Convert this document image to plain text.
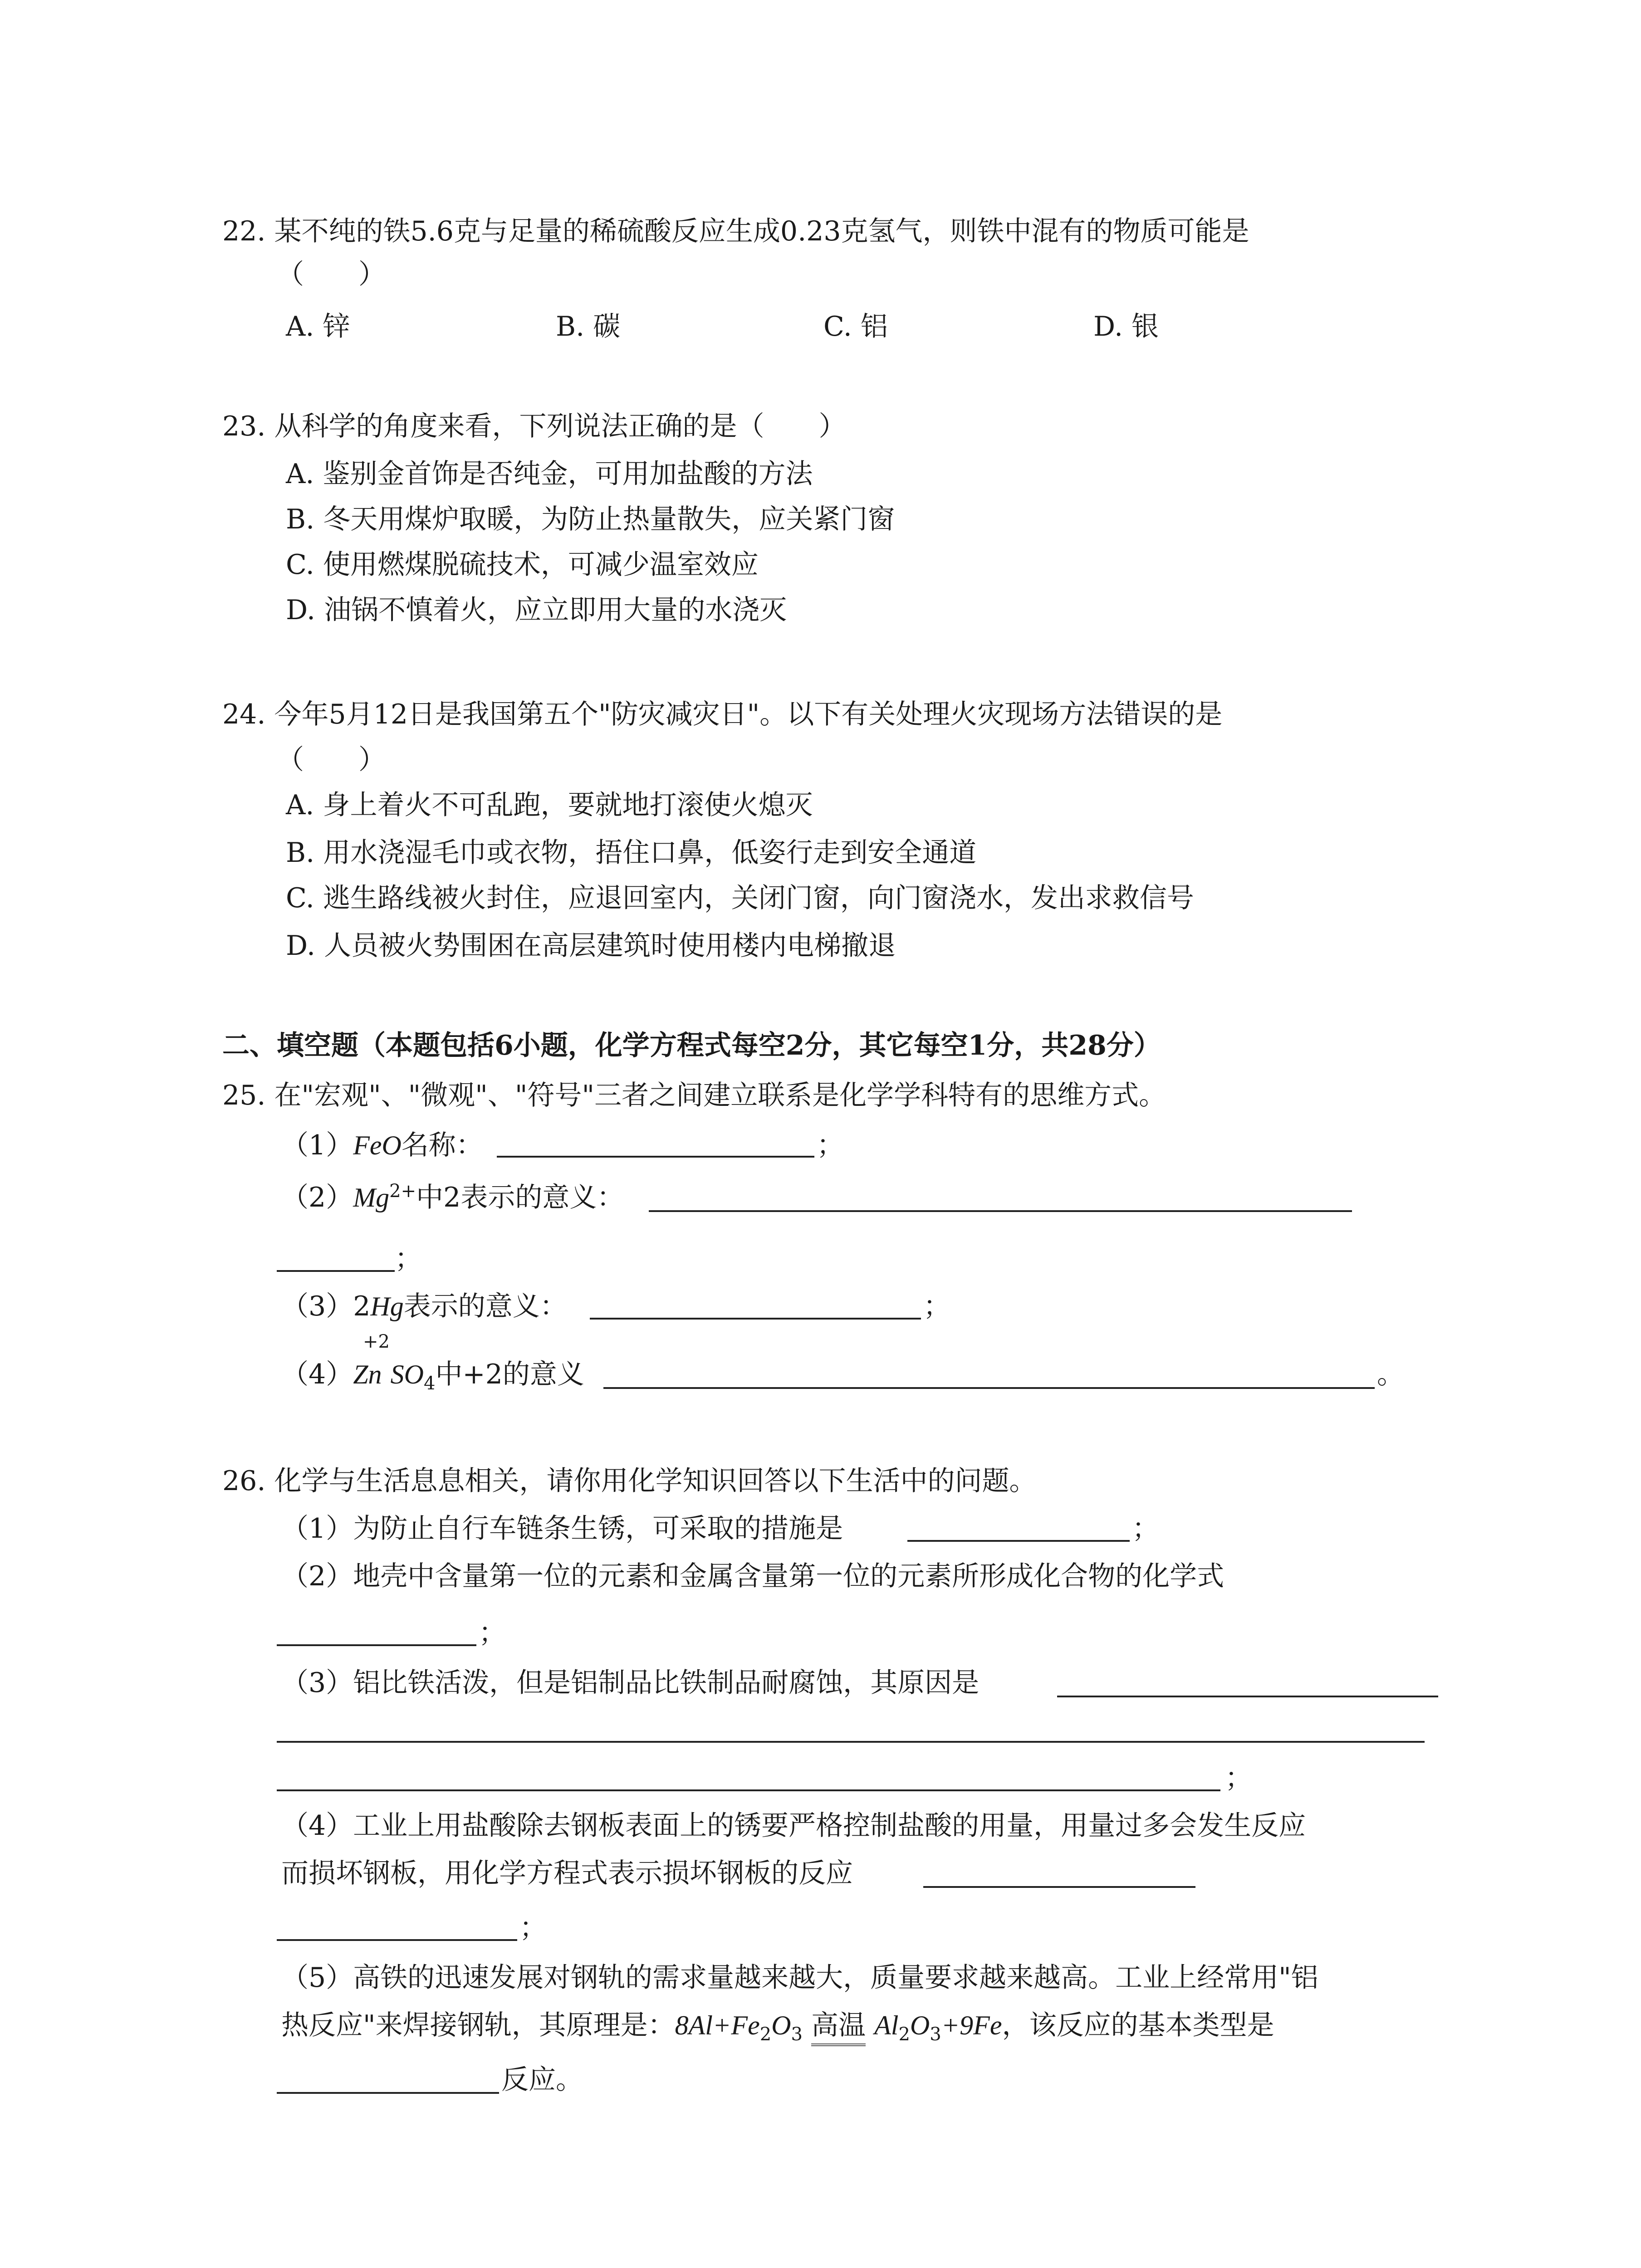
22. 某不纯的铁5.6克与足量的稀硫酸反应生成0.23克氢气，则铁中混有的物质可能是
（　　）
A. 锌	B. 碳	C. 铝	D. 银
23. 从科学的角度来看，下列说法正确的是（　　）
A. 鉴别金首饰是否纯金，可用加盐酸的方法
B. 冬天用煤炉取暖，为防止热量散失，应关紧门窗
C. 使用燃煤脱硫技术，可减少温室效应
D. 油锅不慎着火，应立即用大量的水浇灭
24. 今年5月12日是我国第五个"防灾减灾日"。以下有关处理火灾现场方法错误的是
（　　）
A. 身上着火不可乱跑，要就地打滚使火熄灭
B. 用水浇湿毛巾或衣物，捂住口鼻，低姿行走到安全通道
C. 逃生路线被火封住，应退回室内，关闭门窗，向门窗浇水，发出求救信号
D. 人员被火势围困在高层建筑时使用楼内电梯撤退
二、填空题（本题包括6小题，化学方程式每空2分，其它每空1分，共28分）
25. 在"宏观"、"微观"、"符号"三者之间建立联系是化学学科特有的思维方式。
（1）FeO名称：	；
$(2)Mg^{2+}$中2表示的意义：
；
（3）2Hg表示的意义：	；
+2
（4）Zn $SO_4$中+2的意义	。
26. 化学与生活息息相关，请你用化学知识回答以下生活中的问题。
（1）为防止自行车链条生锈，可采取的措施是	；
（2）地壳中含量第一位的元素和金属含量第一位的元素所形成化合物的化学式
；
（3）铝比铁活泼，但是铝制品比铁制品耐腐蚀，其原因是
；
（4）工业上用盐酸除去钢板表面上的锈要严格控制盐酸的用量，用量过多会发生反应
而损坏钢板，用化学方程式表示损坏钢板的反应
；
（5）高铁的迅速发展对钢轨的需求量越来越大，质量要求越来越高。工业上经常用"铝
热反应"来焊接钢轨，其原理是：$8Al+Fe_2O_3$ 高温 $Al_2O_3+9Fe$，该反应的基本类型是
反应。
